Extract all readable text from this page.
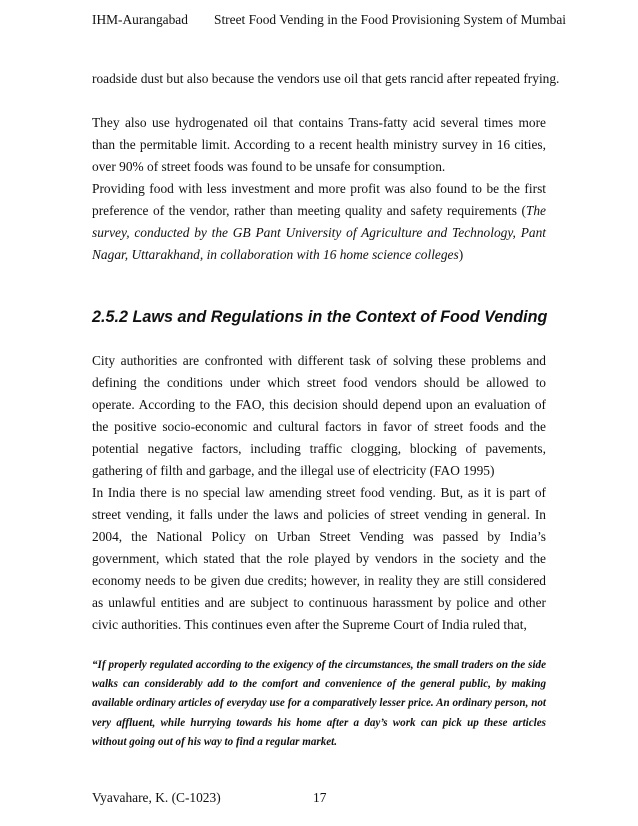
IHM-Aurangabad Street Food Vending in the Food Provisioning System of Mumbai

roadside dust but also because the vendors use oil that gets rancid after repeated frying.

They also use hydrogenated oil that contains Trans-fatty acid several times more than the permitable limit. According to a recent health ministry survey in 16 cities, over 90% of street foods was found to be unsafe for consumption.

Providing food with less investment and more profit was also found to be the first preference of the vendor, rather than meeting quality and safety requirements (The survey, conducted by the GB Pant University of Agriculture and Technology, Pant Nagar, Uttarakhand, in collaboration with 16 home science colleges)

2.5.2 Laws and Regulations in the Context of Food Vending

City authorities are confronted with different task of solving these problems and defining the conditions under which street food vendors should be allowed to operate. According to the FAO, this decision should depend upon an evaluation of the positive socio-economic and cultural factors in favor of street foods and the potential negative factors, including traffic clogging, blocking of pavements, gathering of filth and garbage, and the illegal use of electricity (FAO 1995)

In India there is no special law amending street food vending. But, as it is part of street vending, it falls under the laws and policies of street vending in general. In 2004, the National Policy on Urban Street Vending was passed by India’s government, which stated that the role played by vendors in the society and the economy needs to be given due credits; however, in reality they are still considered as unlawful entities and are subject to continuous harassment by police and other civic authorities. This continues even after the Supreme Court of India ruled that,

“If properly regulated according to the exigency of the circumstances, the small traders on the side walks can considerably add to the comfort and convenience of the general public, by making available ordinary articles of everyday use for a comparatively lesser price. An ordinary person, not very affluent, while hurrying towards his home after a day’s work can pick up these articles without going out of his way to find a regular market.

Vyavahare, K. (C-1023)	17
